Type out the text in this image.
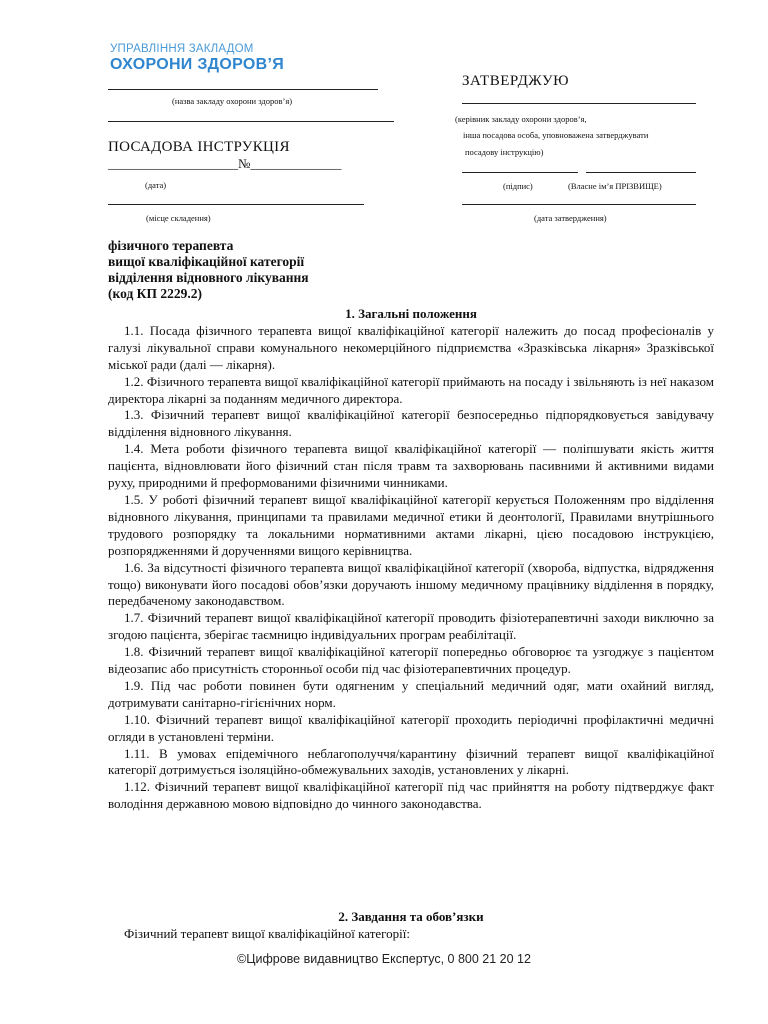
УПРАВЛІННЯ ЗАКЛАДОМ
ОХОРОНИ ЗДОРОВ’Я
(назва закладу охорони здоров’я)
ПОСАДОВА ІНСТРУКЦІЯ
____________________№______________
(дата)
(місце складення)
ЗАТВЕРДЖУЮ
(керівник закладу охорони здоров’я,
інша посадова особа, уповноважена затверджувати
посадову інструкцію)
(підпис)	(Власне ім’я ПРІЗВИЩЕ)
(дата затвердження)
фізичного терапевта
вищої кваліфікаційної категорії
відділення відновного лікування
(код КП 2229.2)
1. Загальні положення

1.1. Посада фізичного терапевта вищої кваліфікаційної категорії належить до посад професіоналів у галузі лікувальної справи комунального некомерційного підприємства «Зразківська лікарня» Зразківської міської ради (далі — лікарня).

1.2. Фізичного терапевта вищої кваліфікаційної категорії приймають на посаду і звільняють із неї наказом директора лікарні за поданням медичного директора.

1.3. Фізичний терапевт вищої кваліфікаційної категорії безпосередньо підпорядковується завідувачу відділення відновного лікування.

1.4. Мета роботи фізичного терапевта вищої кваліфікаційної категорії — поліпшувати якість життя пацієнта, відновлювати його фізичний стан після травм та захворювань пасивними й активними видами руху, природними й преформованими фізичними чинниками.

1.5. У роботі фізичний терапевт вищої кваліфікаційної категорії керується Положенням про відділення відновного лікування, принципами та правилами медичної етики й деонтології, Правилами внутрішнього трудового розпорядку та локальними нормативними актами лікарні, цією посадовою інструкцією, розпорядженнями й дорученнями вищого керівництва.

1.6. За відсутності фізичного терапевта вищої кваліфікаційної категорії (хвороба, відпустка, відрядження тощо) виконувати його посадові обов’язки доручають іншому медичному працівнику відділення в порядку, передбаченому законодавством.

1.7. Фізичний терапевт вищої кваліфікаційної категорії проводить фізіотерапевтичні заходи виключно за згодою пацієнта, зберігає таємницю індивідуальних програм реабілітації.

1.8. Фізичний терапевт вищої кваліфікаційної категорії попередньо обговорює та узгоджує з пацієнтом відеозапис або присутність сторонньої особи під час фізіотерапевтичних процедур.

1.9. Під час роботи повинен бути одягненим у спеціальний медичний одяг, мати охайний вигляд, дотримувати санітарно-гігієнічних норм.

1.10. Фізичний терапевт вищої кваліфікаційної категорії проходить періодичні профілактичні медичні огляди в установлені терміни.

1.11. В умовах епідемічного неблагополуччя/карантину фізичний терапевт вищої кваліфікаційної категорії дотримується ізоляційно-обмежувальних заходів, установлених у лікарні.

1.12. Фізичний терапевт вищої кваліфікаційної категорії під час прийняття на роботу підтверджує факт володіння державною мовою відповідно до чинного законодавства.

2. Завдання та обов’язки

Фізичний терапевт вищої кваліфікаційної категорії:

©Цифрове видавництво Експертус, 0 800 21 20 12
